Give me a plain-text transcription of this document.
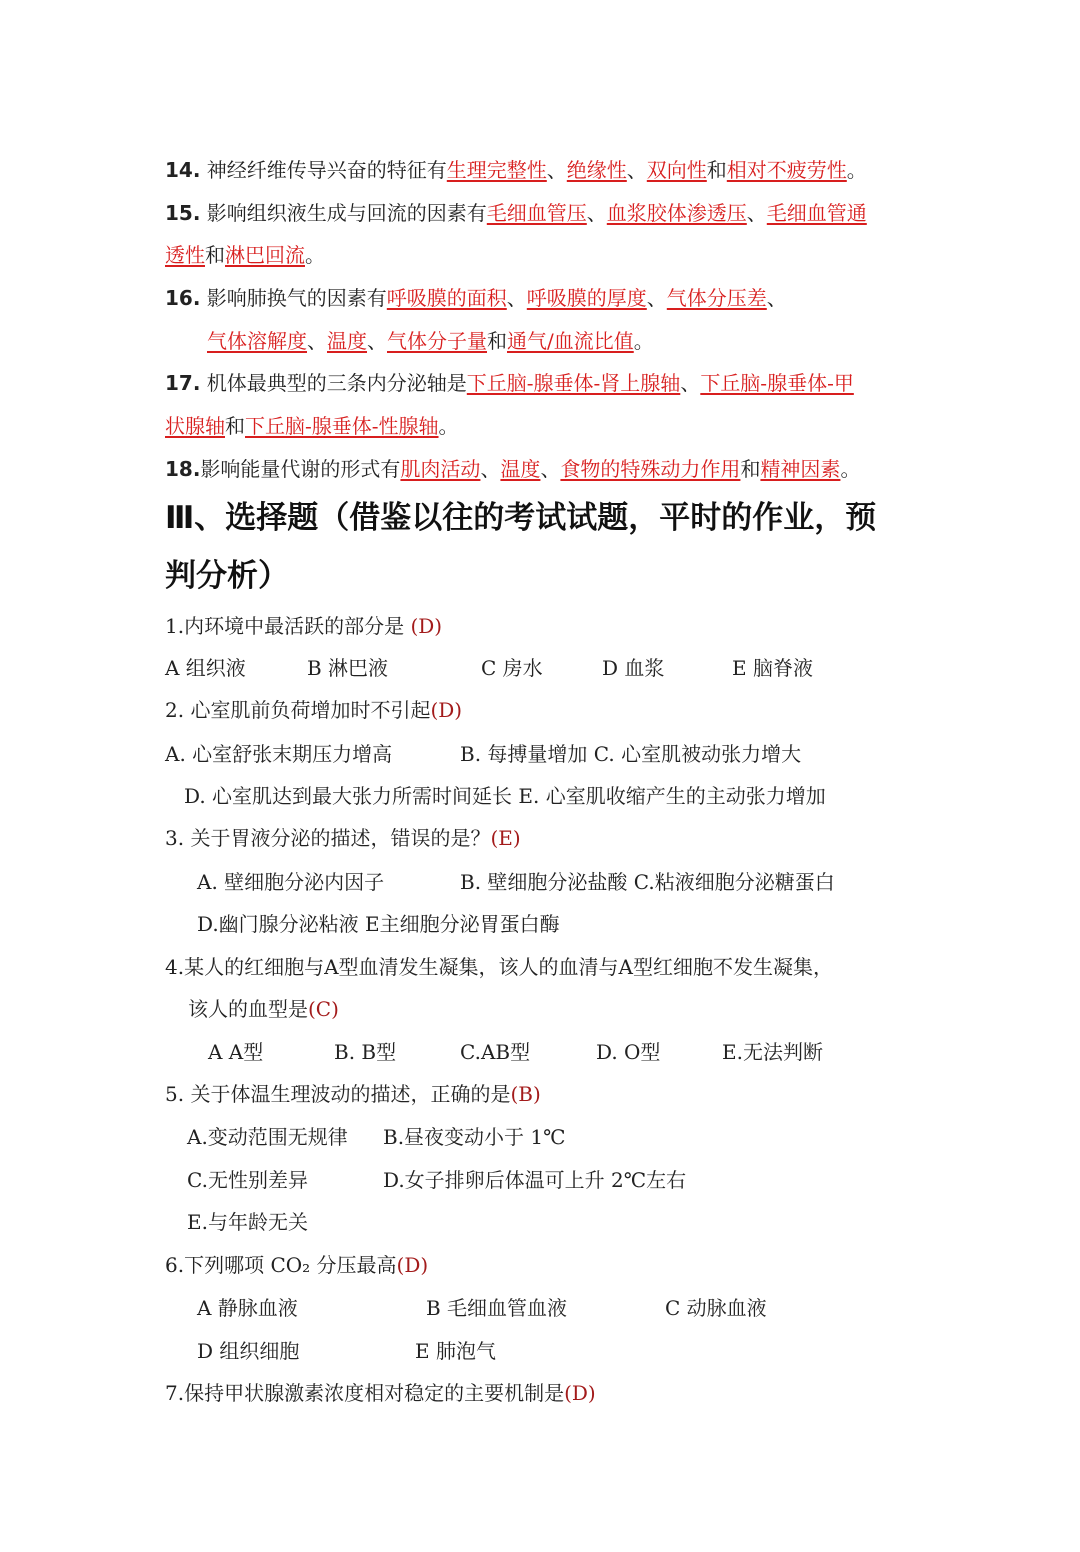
14. 神经纤维传导兴奋的特征有生理完整性、绝缘性、双向性和相对不疲劳性。
15. 影响组织液生成与回流的因素有毛细血管压、血浆胶体渗透压、毛细血管通
透性和淋巴回流。
16. 影响肺换气的因素有呼吸膜的面积、呼吸膜的厚度、气体分压差、
气体溶解度、温度、气体分子量和通气/血流比值。
17. 机体最典型的三条内分泌轴是下丘脑-腺垂体-肾上腺轴、下丘脑-腺垂体-甲
状腺轴和下丘脑-腺垂体-性腺轴。
18.影响能量代谢的形式有肌肉活动、温度、食物的特殊动力作用和精神因素。
Ⅲ、选择题（借鉴以往的考试试题，平时的作业，预
判分析）
1.内环境中最活跃的部分是 (D)
A 组织液	B 淋巴液	C 房水	D 血浆	E 脑脊液
2. 心室肌前负荷增加时不引起(D)
A. 心室舒张末期压力增高	B. 每搏量增加 C. 心室肌被动张力增大
D. 心室肌达到最大张力所需时间延长 E. 心室肌收缩产生的主动张力增加
3. 关于胃液分泌的描述，错误的是？(E)
A. 壁细胞分泌内因子	B. 壁细胞分泌盐酸 C.粘液细胞分泌糖蛋白
D.幽门腺分泌粘液 E主细胞分泌胃蛋白酶
4.某人的红细胞与A型血清发生凝集，该人的血清与A型红细胞不发生凝集，
该人的血型是(C)
A A型	B. B型	C.AB型	D. O型	E.无法判断
5. 关于体温生理波动的描述，正确的是(B)
A.变动范围无规律 B.昼夜变动小于 1℃
C.无性别差异	D.女子排卵后体温可上升 2℃左右
E.与年龄无关
6.下列哪项 CO₂ 分压最高(D)
A 静脉血液	B 毛细血管血液	C 动脉血液
D 组织细胞	E 肺泡气
7.保持甲状腺激素浓度相对稳定的主要机制是(D)
